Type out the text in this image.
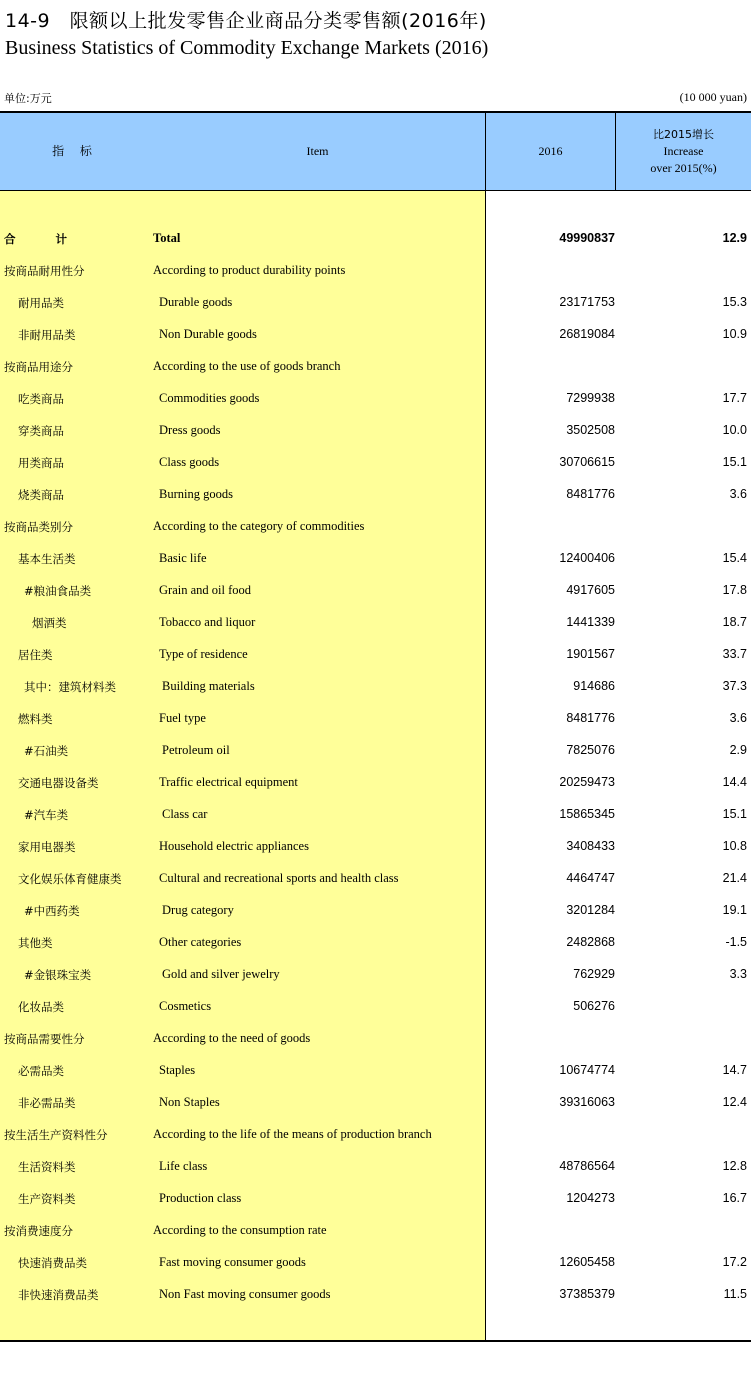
14-9　限额以上批发零售企业商品分类零售额(2016年)
Business Statistics of Commodity Exchange Markets (2016)
单位:万元	(10 000 yuan)
指 标	Item	2016
比2015增长
Increase
over 2015(%)
合 计	Total	49990837	12.9
按商品耐用性分	According to product durability points
耐用品类	Durable goods	23171753	15.3
非耐用品类	Non Durable goods	26819084	10.9
按商品用途分	According to the use of goods branch
吃类商品	Commodities goods	7299938	17.7
穿类商品	Dress goods	3502508	10.0
用类商品	Class goods	30706615	15.1
烧类商品	Burning goods	8481776	3.6
按商品类别分	According to the category of commodities
基本生活类	Basic life	12400406	15.4
#粮油食品类	Grain and oil food	4917605	17.8
烟酒类	Tobacco and liquor	1441339	18.7
居住类	Type of residence	1901567	33.7
其中：建筑材料类	Building materials	914686	37.3
燃料类	Fuel type	8481776	3.6
#石油类	Petroleum oil	7825076	2.9
交通电器设备类	Traffic electrical equipment	20259473	14.4
#汽车类	Class car	15865345	15.1
家用电器类	Household electric appliances	3408433	10.8
文化娱乐体育健康类	Cultural and recreational sports and health class	4464747	21.4
#中西药类	Drug category	3201284	19.1
其他类	Other categories	2482868	-1.5
#金银珠宝类	Gold and silver jewelry	762929	3.3
化妆品类	Cosmetics	506276
按商品需要性分	According to the need of goods
必需品类	Staples	10674774	14.7
非必需品类	Non Staples	39316063	12.4
按生活生产资料性分	According to the life of the means of production branch
生活资料类	Life class	48786564	12.8
生产资料类	Production class	1204273	16.7
按消费速度分	According to the consumption rate
快速消费品类	Fast moving consumer goods	12605458	17.2
非快速消费品类	Non Fast moving consumer goods	37385379	11.5
